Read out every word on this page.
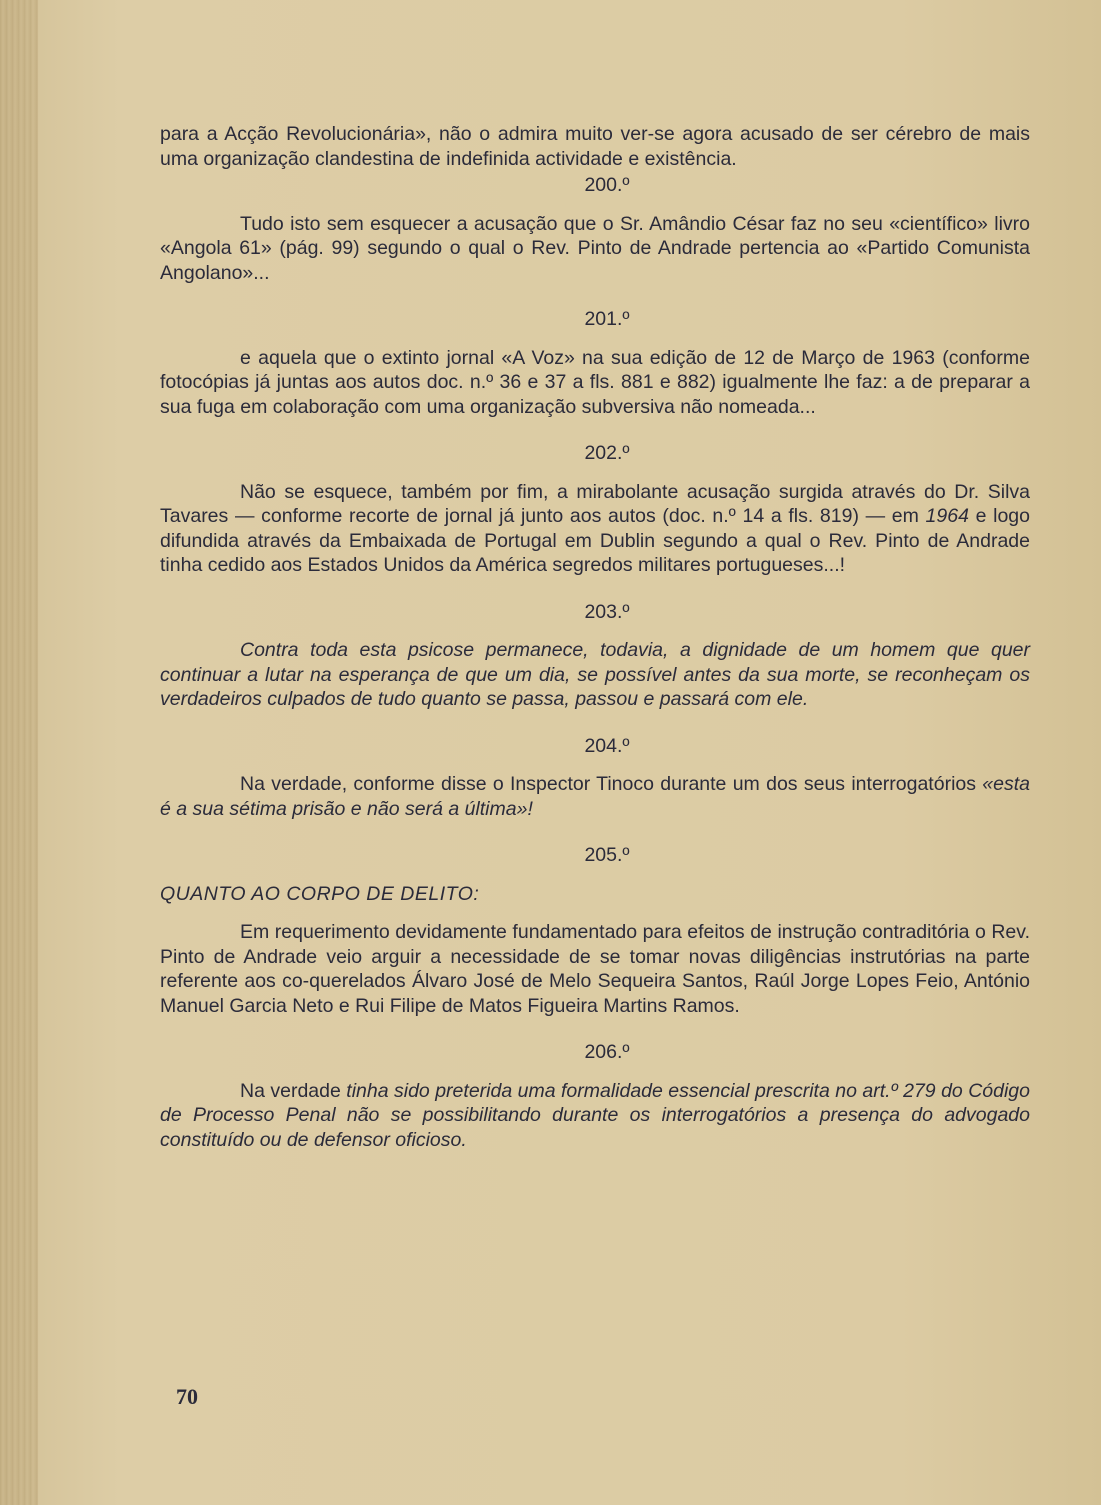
para a Acção Revolucionária», não o admira muito ver-se agora acusado de ser cérebro de mais uma organização clandestina de indefinida actividade e existência.

200.º

Tudo isto sem esquecer a acusação que o Sr. Amândio César faz no seu «científico» livro «Angola 61» (pág. 99) segundo o qual o Rev. Pinto de Andrade pertencia ao «Partido Comunista Angolano»...

201.º

e aquela que o extinto jornal «A Voz» na sua edição de 12 de Março de 1963 (conforme fotocópias já juntas aos autos doc. n.º 36 e 37 a fls. 881 e 882) igualmente lhe faz: a de preparar a sua fuga em colaboração com uma organização subversiva não nomeada...

202.º

Não se esquece, também por fim, a mirabolante acusação surgida através do Dr. Silva Tavares — conforme recorte de jornal já junto aos autos (doc. n.º 14 a fls. 819) — em 1964 e logo difundida através da Embaixada de Portugal em Dublin segundo a qual o Rev. Pinto de Andrade tinha cedido aos Estados Unidos da América segredos militares portugueses...!

203.º

Contra toda esta psicose permanece, todavia, a dignidade de um homem que quer continuar a lutar na esperança de que um dia, se possível antes da sua morte, se reconheçam os verdadeiros culpados de tudo quanto se passa, passou e passará com ele.

204.º

Na verdade, conforme disse o Inspector Tinoco durante um dos seus interrogatórios «esta é a sua sétima prisão e não será a última»!

205.º

QUANTO AO CORPO DE DELITO:

Em requerimento devidamente fundamentado para efeitos de instrução contraditória o Rev. Pinto de Andrade veio arguir a necessidade de se tomar novas diligências instrutórias na parte referente aos co-querelados Álvaro José de Melo Sequeira Santos, Raúl Jorge Lopes Feio, António Manuel Garcia Neto e Rui Filipe de Matos Figueira Martins Ramos.

206.º

Na verdade tinha sido preterida uma formalidade essencial prescrita no art.º 279 do Código de Processo Penal não se possibilitando durante os interrogatórios a presença do advogado constituído ou de defensor oficioso.

70
